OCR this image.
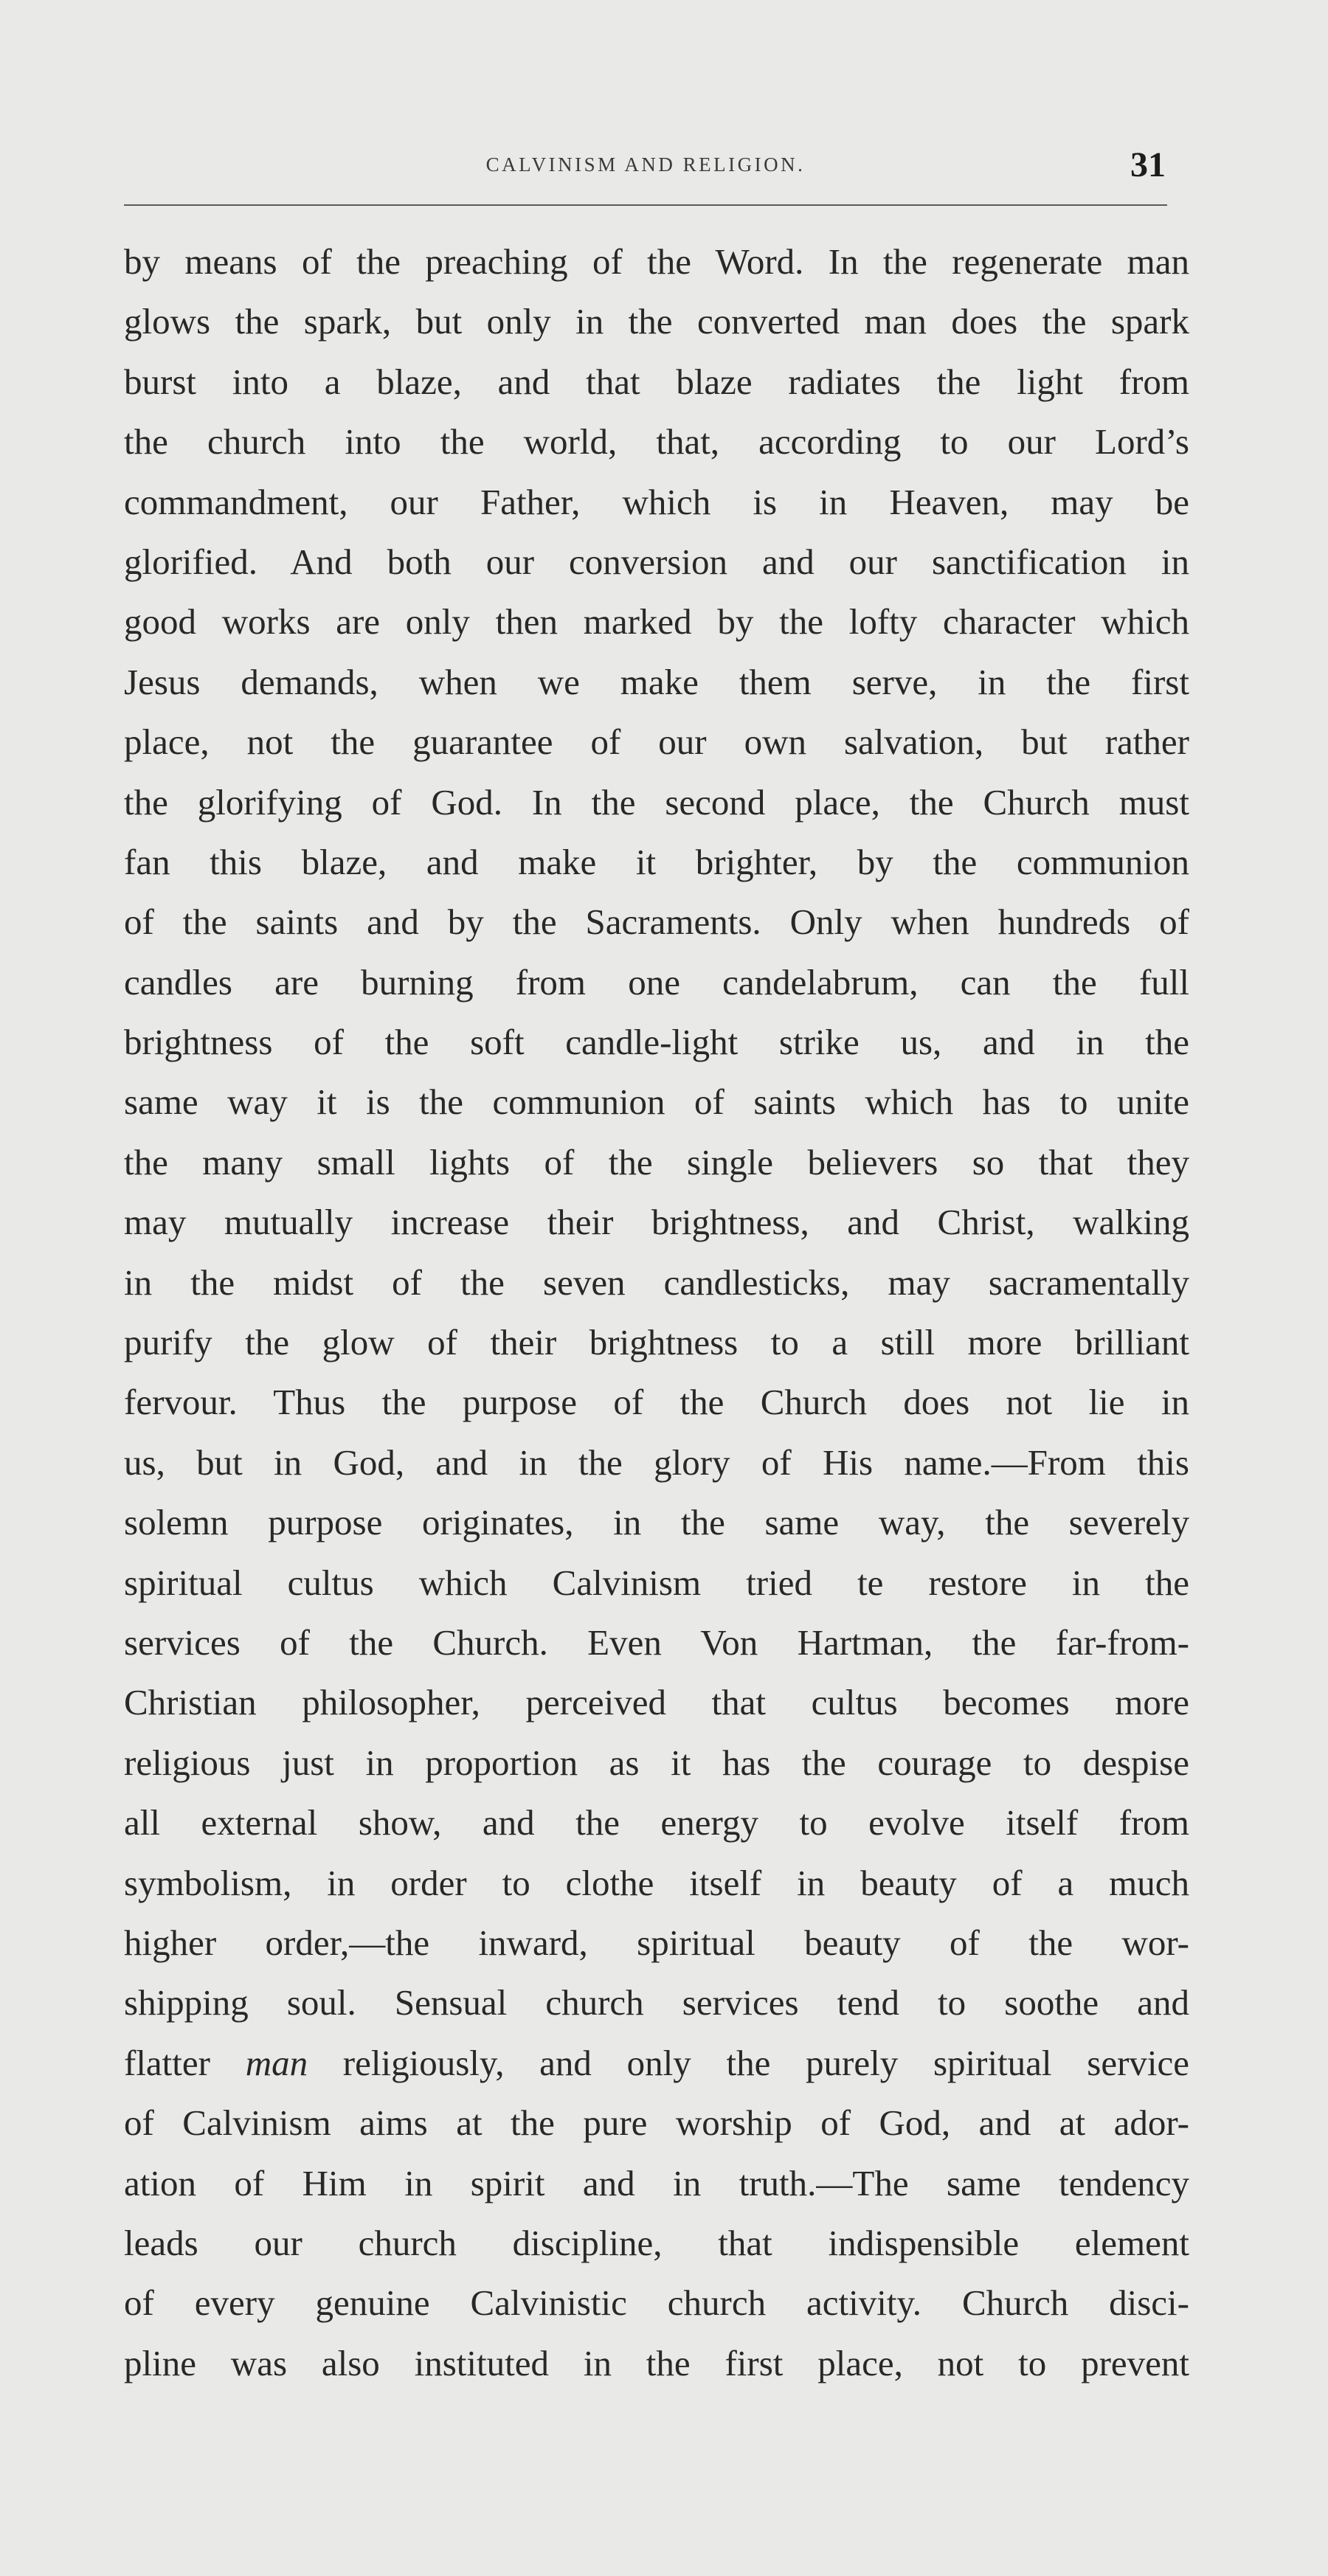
CALVINISM AND RELIGION.	31
by means of the preaching of the Word. In the regenerate man
glows the spark, but only in the converted man does the spark
burst into a blaze, and that blaze radiates the light from
the church into the world, that, according to our Lord’s
commandment, our Father, which is in Heaven, may be
glorified. And both our conversion and our sanctification in
good works are only then marked by the lofty character which
Jesus demands, when we make them serve, in the first
place, not the guarantee of our own salvation, but rather
the glorifying of God. In the second place, the Church must
fan this blaze, and make it brighter, by the communion
of the saints and by the Sacraments. Only when hundreds of
candles are burning from one candelabrum, can the full
brightness of the soft candle-light strike us, and in the
same way it is the communion of saints which has to unite
the many small lights of the single believers so that they
may mutually increase their brightness, and Christ, walking
in the midst of the seven candlesticks, may sacramentally
purify the glow of their brightness to a still more brilliant
fervour. Thus the purpose of the Church does not lie in
us, but in God, and in the glory of His name.—From this
solemn purpose originates, in the same way, the severely
spiritual cultus which Calvinism tried te restore in the
services of the Church. Even Von Hartman, the far-from-
Christian philosopher, perceived that cultus becomes more
religious just in proportion as it has the courage to despise
all external show, and the energy to evolve itself from
symbolism, in order to clothe itself in beauty of a much
higher order,—the inward, spiritual beauty of the wor-
shipping soul. Sensual church services tend to soothe and
flatter man religiously, and only the purely spiritual service
of Calvinism aims at the pure worship of God, and at ador-
ation of Him in spirit and in truth.—The same tendency
leads our church discipline, that indispensible element
of every genuine Calvinistic church activity. Church disci-
pline was also instituted in the first place, not to prevent
